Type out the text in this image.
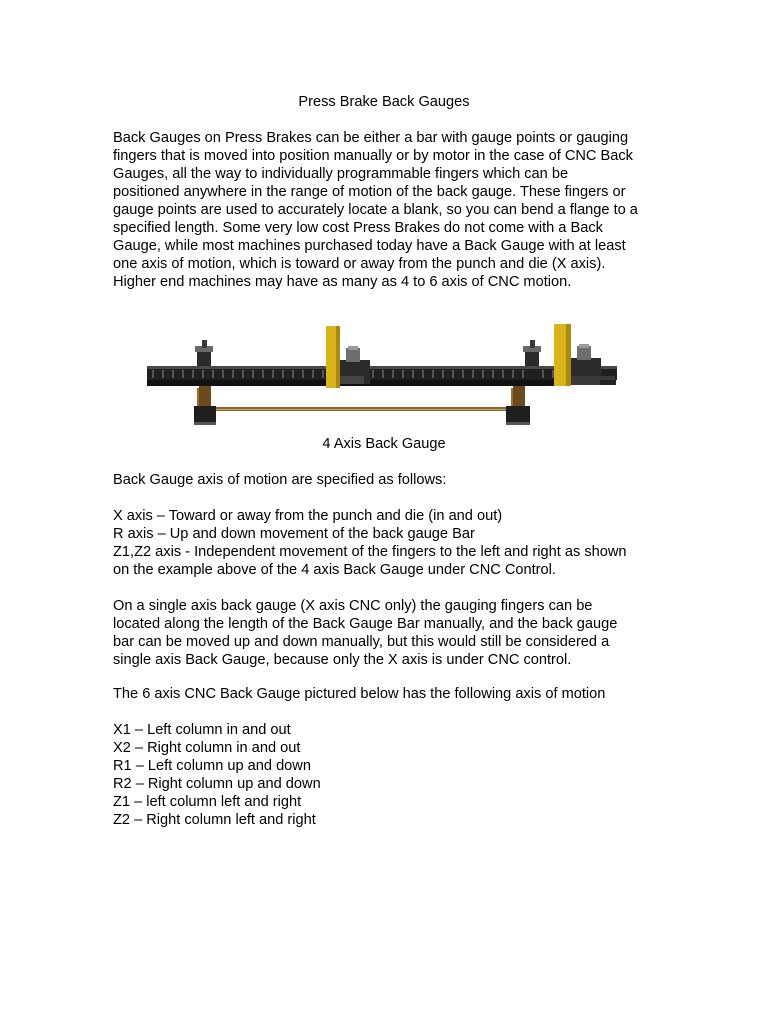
Press Brake Back Gauges
Back Gauges on Press Brakes can be either a bar with gauge points or gauging
fingers that is moved into position manually or by motor in the case of CNC Back
Gauges, all the way to individually programmable fingers which can be
positioned anywhere in the range of motion of the back gauge. These fingers or
gauge points are used to accurately locate a blank, so you can bend a flange to a
specified length. Some very low cost Press Brakes do not come with a Back
Gauge, while most machines purchased today have a Back Gauge with at least
one axis of motion, which is toward or away from the punch and die (X axis).
Higher end machines may have as many as 4 to 6 axis of CNC motion.
4 Axis Back Gauge
Back Gauge axis of motion are specified as follows:
X axis – Toward or away from the punch and die (in and out)
R axis – Up and down movement of the back gauge Bar
Z1,Z2 axis - Independent movement of the fingers to the left and right as shown
on the example above of the 4 axis Back Gauge under CNC Control.
On a single axis back gauge (X axis CNC only) the gauging fingers can be
located along the length of the Back Gauge Bar manually, and the back gauge
bar can be moved up and down manually, but this would still be considered a
single axis Back Gauge, because only the X axis is under CNC control.
The 6 axis CNC Back Gauge pictured below has the following axis of motion
X1 – Left column in and out
X2 – Right column in and out
R1 – Left column up and down
R2 – Right column up and down
Z1 – left column left and right
Z2 – Right column left and right
